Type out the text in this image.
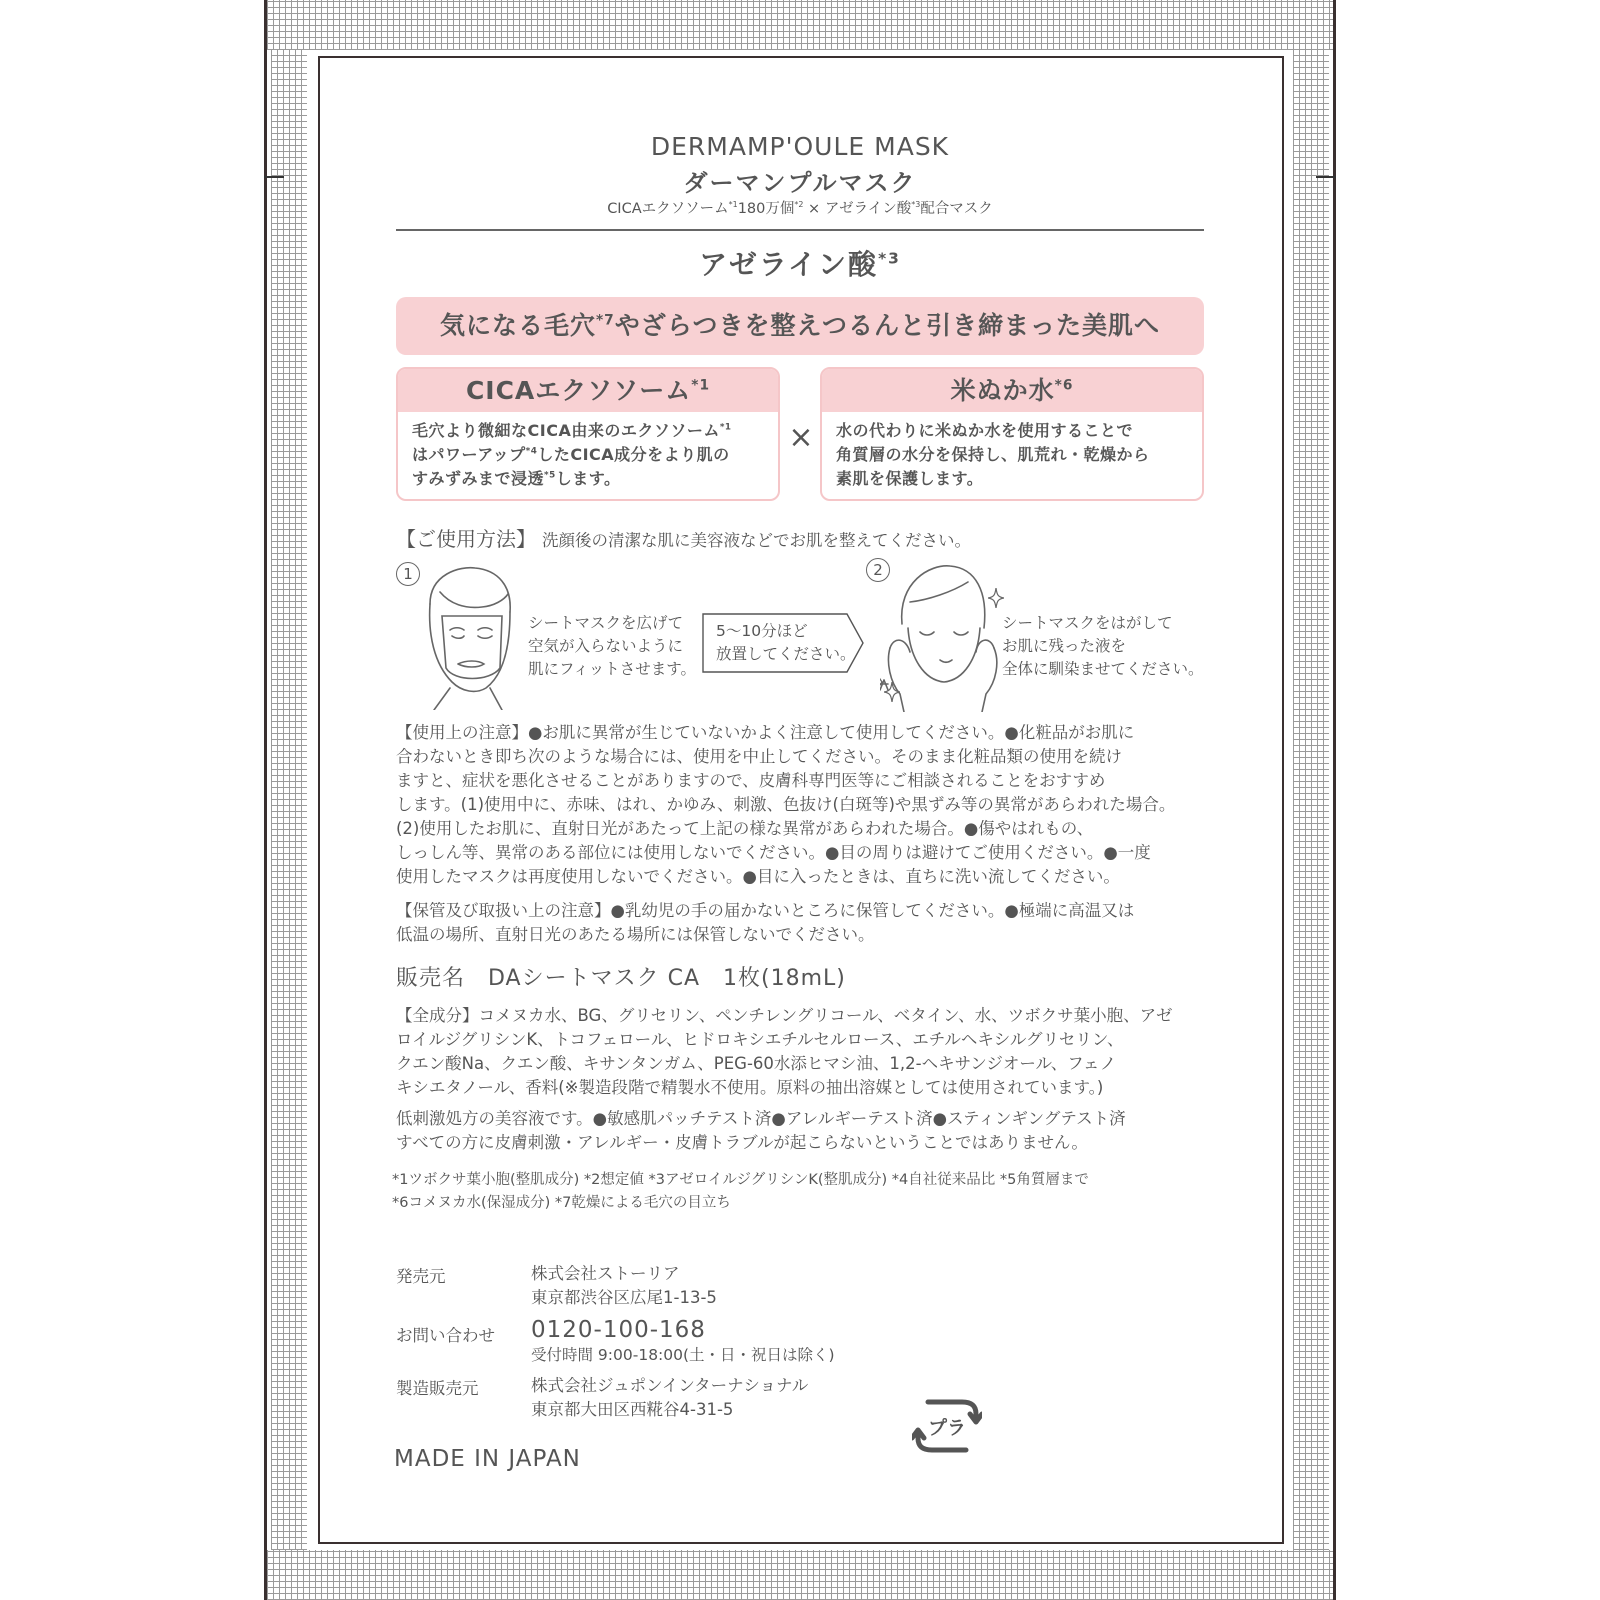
DERMAMP'OULE MASK
ダーマンプルマスク
CICAエクソソーム$^{*1}$180万個$^{*2}$ × アゼライン酸$^{*3}$配合マスク
アゼライン酸$^{*3}$
気になる毛穴$^{*7}$やざらつきを整えつるんと引き締まった美肌へ
CICAエクソソーム$^{*1}$
毛穴より微細なCICA由来のエクソソーム$^{*1}$
はパワーアップ$^{*4}$したCICA成分をより肌の
すみずみまで浸透$^{*5}$します。
×
米ぬか水$^{*6}$
水の代わりに米ぬか水を使用することで
角質層の水分を保持し、肌荒れ・乾燥から
素肌を保護します。
【ご使用方法】 洗顔後の清潔な肌に美容液などでお肌を整えてください。
1
シートマスクを広げて
空気が入らないように
肌にフィットさせます。
5〜10分ほど
放置してください。
2
シートマスクをはがして
お肌に残った液を
全体に馴染ませてください。
【使用上の注意】●お肌に異常が生じていないかよく注意して使用してください。●化粧品がお肌に
合わないとき即ち次のような場合には、使用を中止してください。そのまま化粧品類の使用を続け
ますと、症状を悪化させることがありますので、皮膚科専門医等にご相談されることをおすすめ
します。(1)使用中に、赤味、はれ、かゆみ、刺激、色抜け(白斑等)や黒ずみ等の異常があらわれた場合。
(2)使用したお肌に、直射日光があたって上記の様な異常があらわれた場合。●傷やはれもの、
しっしん等、異常のある部位には使用しないでください。●目の周りは避けてご使用ください。●一度
使用したマスクは再度使用しないでください。●目に入ったときは、直ちに洗い流してください。
【保管及び取扱い上の注意】●乳幼児の手の届かないところに保管してください。●極端に高温又は
低温の場所、直射日光のあたる場所には保管しないでください。
販売名　DAシートマスク CA　1枚(18mL)
【全成分】コメヌカ水、BG、グリセリン、ペンチレングリコール、ベタイン、水、ツボクサ葉小胞、アゼ
ロイルジグリシンK、トコフェロール、ヒドロキシエチルセルロース、エチルヘキシルグリセリン、
クエン酸Na、クエン酸、キサンタンガム、PEG-60水添ヒマシ油、1,2-ヘキサンジオール、フェノ
キシエタノール、香料(※製造段階で精製水不使用。原料の抽出溶媒としては使用されています。)
低刺激処方の美容液です。●敏感肌パッチテスト済●アレルギーテスト済●スティンギングテスト済
すべての方に皮膚刺激・アレルギー・皮膚トラブルが起こらないということではありません。
*1ツボクサ葉小胞(整肌成分) *2想定値 *3アゼロイルジグリシンK(整肌成分) *4自社従来品比 *5角質層まで
*6コメヌカ水(保湿成分) *7乾燥による毛穴の目立ち
発売元	株式会社ストーリア
東京都渋谷区広尾1-13-5
お問い合わせ 0120-100-168
受付時間 9:00-18:00(土・日・祝日は除く)
製造販売元	株式会社ジュポンインターナショナル
東京都大田区西糀谷4-31-5
プラ
MADE IN JAPAN
